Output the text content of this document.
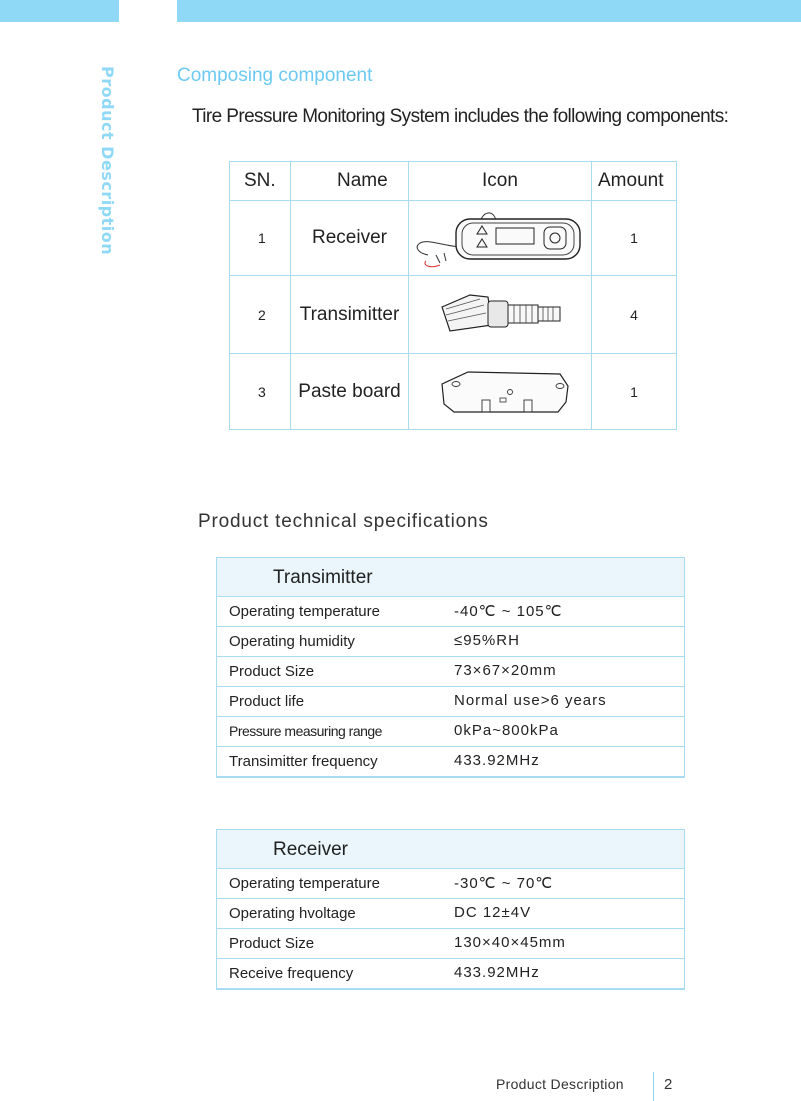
Product Description	Composing component
Tire Pressure Monitoring System includes the following components:
SN.	Name	Icon	Amount
1	Receiver		1
2	Transimitter		4
3	Paste board		1
Product technical specifications
Transimitter
Operating temperature	-40℃ ~ 105℃
Operating humidity	≤95%RH
Product Size	73×67×20mm
Product life	Normal use>6 years
Pressure measuring range	0kPa~800kPa
Transimitter frequency	433.92MHz
Receiver
Operating temperature	-30℃ ~ 70℃
Operating hvoltage	DC 12±4V
Product Size	130×40×45mm
Receive frequency	433.92MHz
Product Description	2
